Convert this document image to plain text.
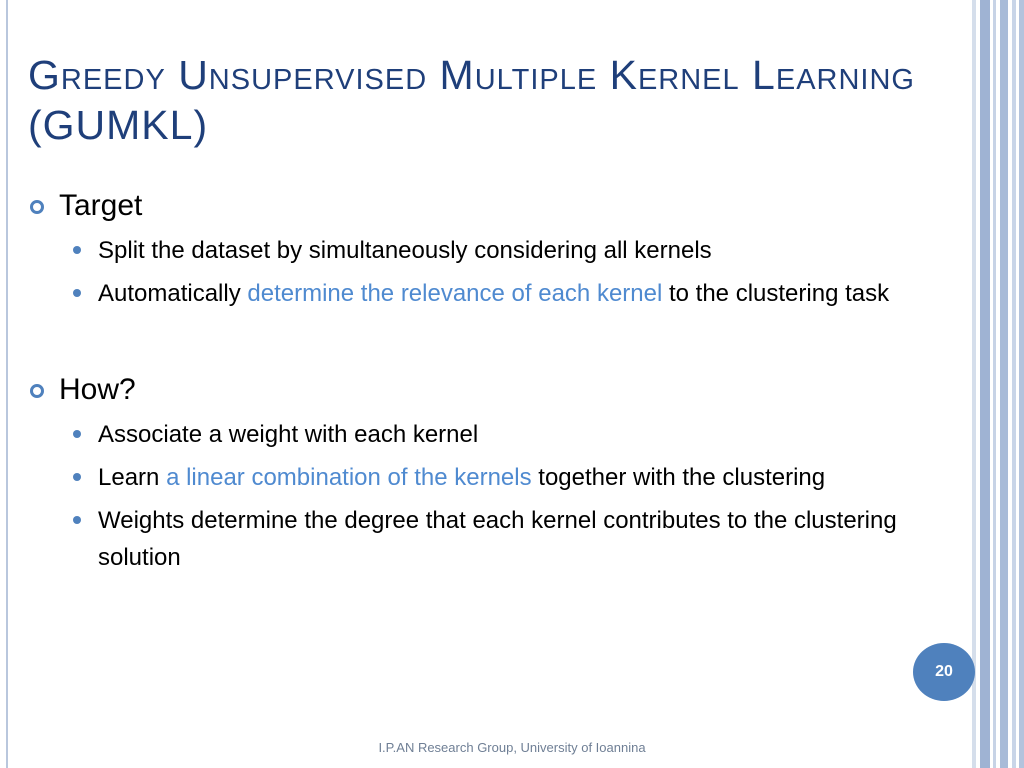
Greedy Unsupervised Multiple Kernel Learning (GUMKL)
Target
Split the dataset by simultaneously considering all kernels
Automatically determine the relevance of each kernel to the clustering task
How?
Associate a weight with each kernel
Learn a linear combination of the kernels together with the clustering
Weights determine the degree that each kernel contributes to the clustering solution
20
I.P.AN Research Group, University of Ioannina
